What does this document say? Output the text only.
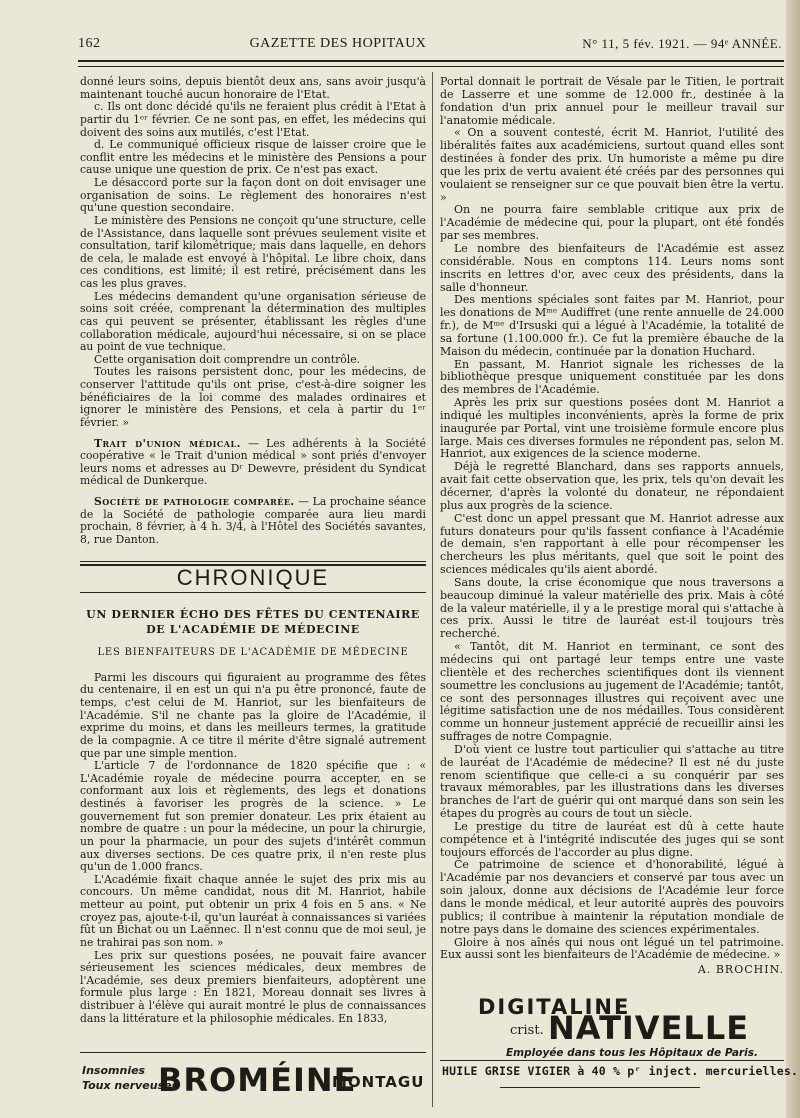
162	GAZETTE DES HOPITAUX	N° 11, 5 fév. 1921. — 94ᵉ ANNÉE.

donné leurs soins, depuis bientôt deux ans, sans avoir jusqu'à maintenant touché aucun honoraire de l'Etat.

c. Ils ont donc décidé qu'ils ne feraient plus crédit à l'Etat à partir du 1ᵉʳ février. Ce ne sont pas, en effet, les médecins qui doivent des soins aux mutilés, c'est l'Etat.

d. Le communiqué officieux risque de laisser croire que le conflit entre les médecins et le ministère des Pensions a pour cause unique une question de prix. Ce n'est pas exact.

Le désaccord porte sur la façon dont on doit envisager une organisation de soins. Le règlement des honoraires n'est qu'une question secondaire.

Le ministère des Pensions ne conçoit qu'une structure, celle de l'Assistance, dans laquelle sont prévues seulement visite et consultation, tarif kilométrique; mais dans laquelle, en dehors de cela, le malade est envoyé à l'hôpital. Le libre choix, dans ces conditions, est limité; il est retiré, précisément dans les cas les plus graves.

Les médecins demandent qu'une organisation sérieuse de soins soit créée, comprenant la détermination des multiples cas qui peuvent se présenter, établissant les règles d'une collaboration médicale, aujourd'hui nécessaire, si on se place au point de vue technique.

Cette organisation doit comprendre un contrôle.

Toutes les raisons persistent donc, pour les médecins, de conserver l'attitude qu'ils ont prise, c'est-à-dire soigner les bénéficiaires de la loi comme des malades ordinaires et ignorer le ministère des Pensions, et cela à partir du 1ᵉʳ février. »

Trait d'union médical. — Les adhérents à la Société coopérative « le Trait d'union médical » sont priés d'envoyer leurs noms et adresses au Dʳ Dewevre, président du Syndicat médical de Dunkerque.

Société de pathologie comparée. — La prochaine séance de la Société de pathologie comparée aura lieu mardi prochain, 8 février, à 4 h. 3/4, à l'Hôtel des Sociétés savantes, 8, rue Danton.

CHRONIQUE
UN DERNIER ÉCHO DES FÊTES DU CENTENAIRE DE L'ACADÉMIE DE MÉDECINE
LES BIENFAITEURS DE L'ACADÉMIE DE MÉDECINE

Parmi les discours qui figuraient au programme des fêtes du centenaire, il en est un qui n'a pu être prononcé, faute de temps, c'est celui de M. Hanriot, sur les bienfaiteurs de l'Académie. S'il ne chante pas la gloire de l'Académie, il exprime du moins, et dans les meilleurs termes, la gratitude de la compagnie. A ce titre il mérite d'être signalé autrement que par une simple mention.

L'article 7 de l'ordonnance de 1820 spécifie que : « L'Académie royale de médecine pourra accepter, en se conformant aux lois et règlements, des legs et donations destinés à favoriser les progrès de la science. » Le gouvernement fut son premier donateur. Les prix étaient au nombre de quatre : un pour la médecine, un pour la chirurgie, un pour la pharmacie, un pour des sujets d'intérêt commun aux diverses sections. De ces quatre prix, il n'en reste plus qu'un de 1.000 francs.

L'Académie fixait chaque année le sujet des prix mis au concours. Un même candidat, nous dit M. Hanriot, habile metteur au point, put obtenir un prix 4 fois en 5 ans. « Ne croyez pas, ajoute-t-il, qu'un lauréat à connaissances si variées fût un Bichat ou un Laënnec. Il n'est connu que de moi seul, je ne trahirai pas son nom. »

Les prix sur questions posées, ne pouvait faire avancer sérieusement les sciences médicales, deux membres de l'Académie, ses deux premiers bienfaiteurs, adoptèrent une formule plus large : En 1821, Moreau donnait ses livres à distribuer à l'élève qui aurait montré le plus de connaissances dans la littérature et la philosophie médicales. En 1833,

Portal donnait le portrait de Vésale par le Titien, le portrait de Lasserre et une somme de 12.000 fr., destinée à la fondation d'un prix annuel pour le meilleur travail sur l'anatomie médicale.

« On a souvent contesté, écrit M. Hanriot, l'utilité des libéralités faites aux académiciens, surtout quand elles sont destinées à fonder des prix. Un humoriste a même pu dire que les prix de vertu avaient été créés par des personnes qui voulaient se renseigner sur ce que pouvait bien être la vertu. »

On ne pourra faire semblable critique aux prix de l'Académie de médecine qui, pour la plupart, ont été fondés par ses membres.

Le nombre des bienfaiteurs de l'Académie est assez considérable. Nous en comptons 114. Leurs noms sont inscrits en lettres d'or, avec ceux des présidents, dans la salle d'honneur.

Des mentions spéciales sont faites par M. Hanriot, pour les donations de Mᵐᵉ Audiffret (une rente annuelle de 24.000 fr.), de Mᵐᵉ d'Irsuski qui a légué à l'Académie, la totalité de sa fortune (1.100.000 fr.). Ce fut la première ébauche de la Maison du médecin, continuée par la donation Huchard.

En passant, M. Hanriot signale les richesses de la bibliothèque presque uniquement constituée par les dons des membres de l'Académie.

Après les prix sur questions posées dont M. Hanriot a indiqué les multiples inconvénients, après la forme de prix inaugurée par Portal, vint une troisième formule encore plus large. Mais ces diverses formules ne répondent pas, selon M. Hanriot, aux exigences de la science moderne.

Déjà le regretté Blanchard, dans ses rapports annuels, avait fait cette observation que, les prix, tels qu'on devait les décerner, d'après la volonté du donateur, ne répondaient plus aux progrès de la science.

C'est donc un appel pressant que M. Hanriot adresse aux futurs donateurs pour qu'ils fassent confiance à l'Académie de demain, s'en rapportant à elle pour récompenser les chercheurs les plus méritants, quel que soit le point des sciences médicales qu'ils aient abordé.

Sans doute, la crise économique que nous traversons a beaucoup diminué la valeur matérielle des prix. Mais à côté de la valeur matérielle, il y a le prestige moral qui s'attache à ces prix. Aussi le titre de lauréat est-il toujours très recherché.

« Tantôt, dit M. Hanriot en terminant, ce sont des médecins qui ont partagé leur temps entre une vaste clientèle et des recherches scientifiques dont ils viennent soumettre les conclusions au jugement de l'Académie; tantôt, ce sont des personnages illustres qui reçoivent avec une légitime satisfaction une de nos médailles. Tous considèrent comme un honneur justement apprécié de recueillir ainsi les suffrages de notre Compagnie.

D'où vient ce lustre tout particulier qui s'attache au titre de lauréat de l'Académie de médecine? Il est né du juste renom scientifique que celle-ci a su conquérir par ses travaux mémorables, par les illustrations dans les diverses branches de l'art de guérir qui ont marqué dans son sein les étapes du progrès au cours de tout un siècle.

Le prestige du titre de lauréat est dû à cette haute compétence et à l'intégrité indiscutée des juges qui se sont toujours efforcés de l'accorder au plus digne.

Ce patrimoine de science et d'honorabilité, légué à l'Académie par nos devanciers et conservé par tous avec un soin jaloux, donne aux décisions de l'Académie leur force dans le monde médical, et leur autorité auprès des pouvoirs publics; il contribue à maintenir la réputation mondiale de notre pays dans le domaine des sciences expérimentales.

Gloire à nos aînés qui nous ont légué un tel patrimoine. Eux aussi sont les bienfaiteurs de l'Académie de médecine. »

A. BROCHIN.
DIGITALINE
crist. NATIVELLE
Employée dans tous les Hôpitaux de Paris.
HUILE GRISE VIGIER à 40 % pʳ inject. mercurielles.
Insomnies
Toux nerveuses
BROMÉINE
MONTAGU
